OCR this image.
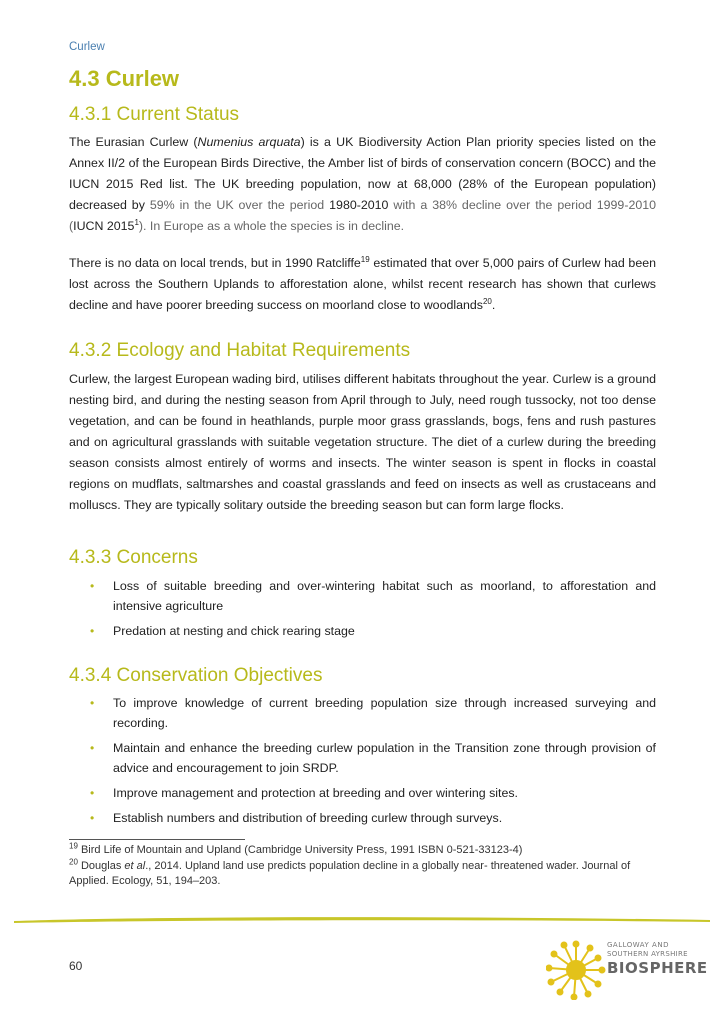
Curlew
4.3 Curlew
4.3.1 Current Status

The Eurasian Curlew (Numenius arquata) is a UK Biodiversity Action Plan priority species listed on the Annex II/2 of the European Birds Directive, the Amber list of birds of conservation concern (BOCC) and the IUCN 2015 Red list. The UK breeding population, now at 68,000 (28% of the European population) decreased by 59% in the UK over the period 1980-2010 with a 38% decline over the period 1999-2010 (IUCN 2015$^1$). In Europe as a whole the species is in decline.

There is no data on local trends, but in 1990 Ratcliffe$^{19}$ estimated that over 5,000 pairs of Curlew had been lost across the Southern Uplands to afforestation alone, whilst recent research has shown that curlews decline and have poorer breeding success on moorland close to woodlands$^{20}$.

4.3.2 Ecology and Habitat Requirements

Curlew, the largest European wading bird, utilises different habitats throughout the year. Curlew is a ground nesting bird, and during the nesting season from April through to July, need rough tussocky, not too dense vegetation, and can be found in heathlands, purple moor grass grasslands, bogs, fens and rush pastures and on agricultural grasslands with suitable vegetation structure. The diet of a curlew during the breeding season consists almost entirely of worms and insects. The winter season is spent in flocks in coastal regions on mudflats, saltmarshes and coastal grasslands and feed on insects as well as crustaceans and molluscs. They are typically solitary outside the breeding season but can form large flocks.

4.3.3 Concerns
• Loss of suitable breeding and over-wintering habitat such as moorland, to afforestation and intensive agriculture
• Predation at nesting and chick rearing stage
4.3.4 Conservation Objectives
• To improve knowledge of current breeding population size through increased surveying and recording.
• Maintain and enhance the breeding curlew population in the Transition zone through provision of advice and encouragement to join SRDP.
• Improve management and protection at breeding and over wintering sites.
• Establish numbers and distribution of breeding curlew through surveys.

$^{19}$ Bird Life of Mountain and Upland (Cambridge University Press, 1991 ISBN 0-521-33123-4)

$^{20}$ Douglas et al., 2014. Upland land use predicts population decline in a globally near- threatened wader. Journal of Applied. Ecology, 51, 194–203.

60
GALLOWAY AND
SOUTHERN AYRSHIRE
BIOSPHERE
